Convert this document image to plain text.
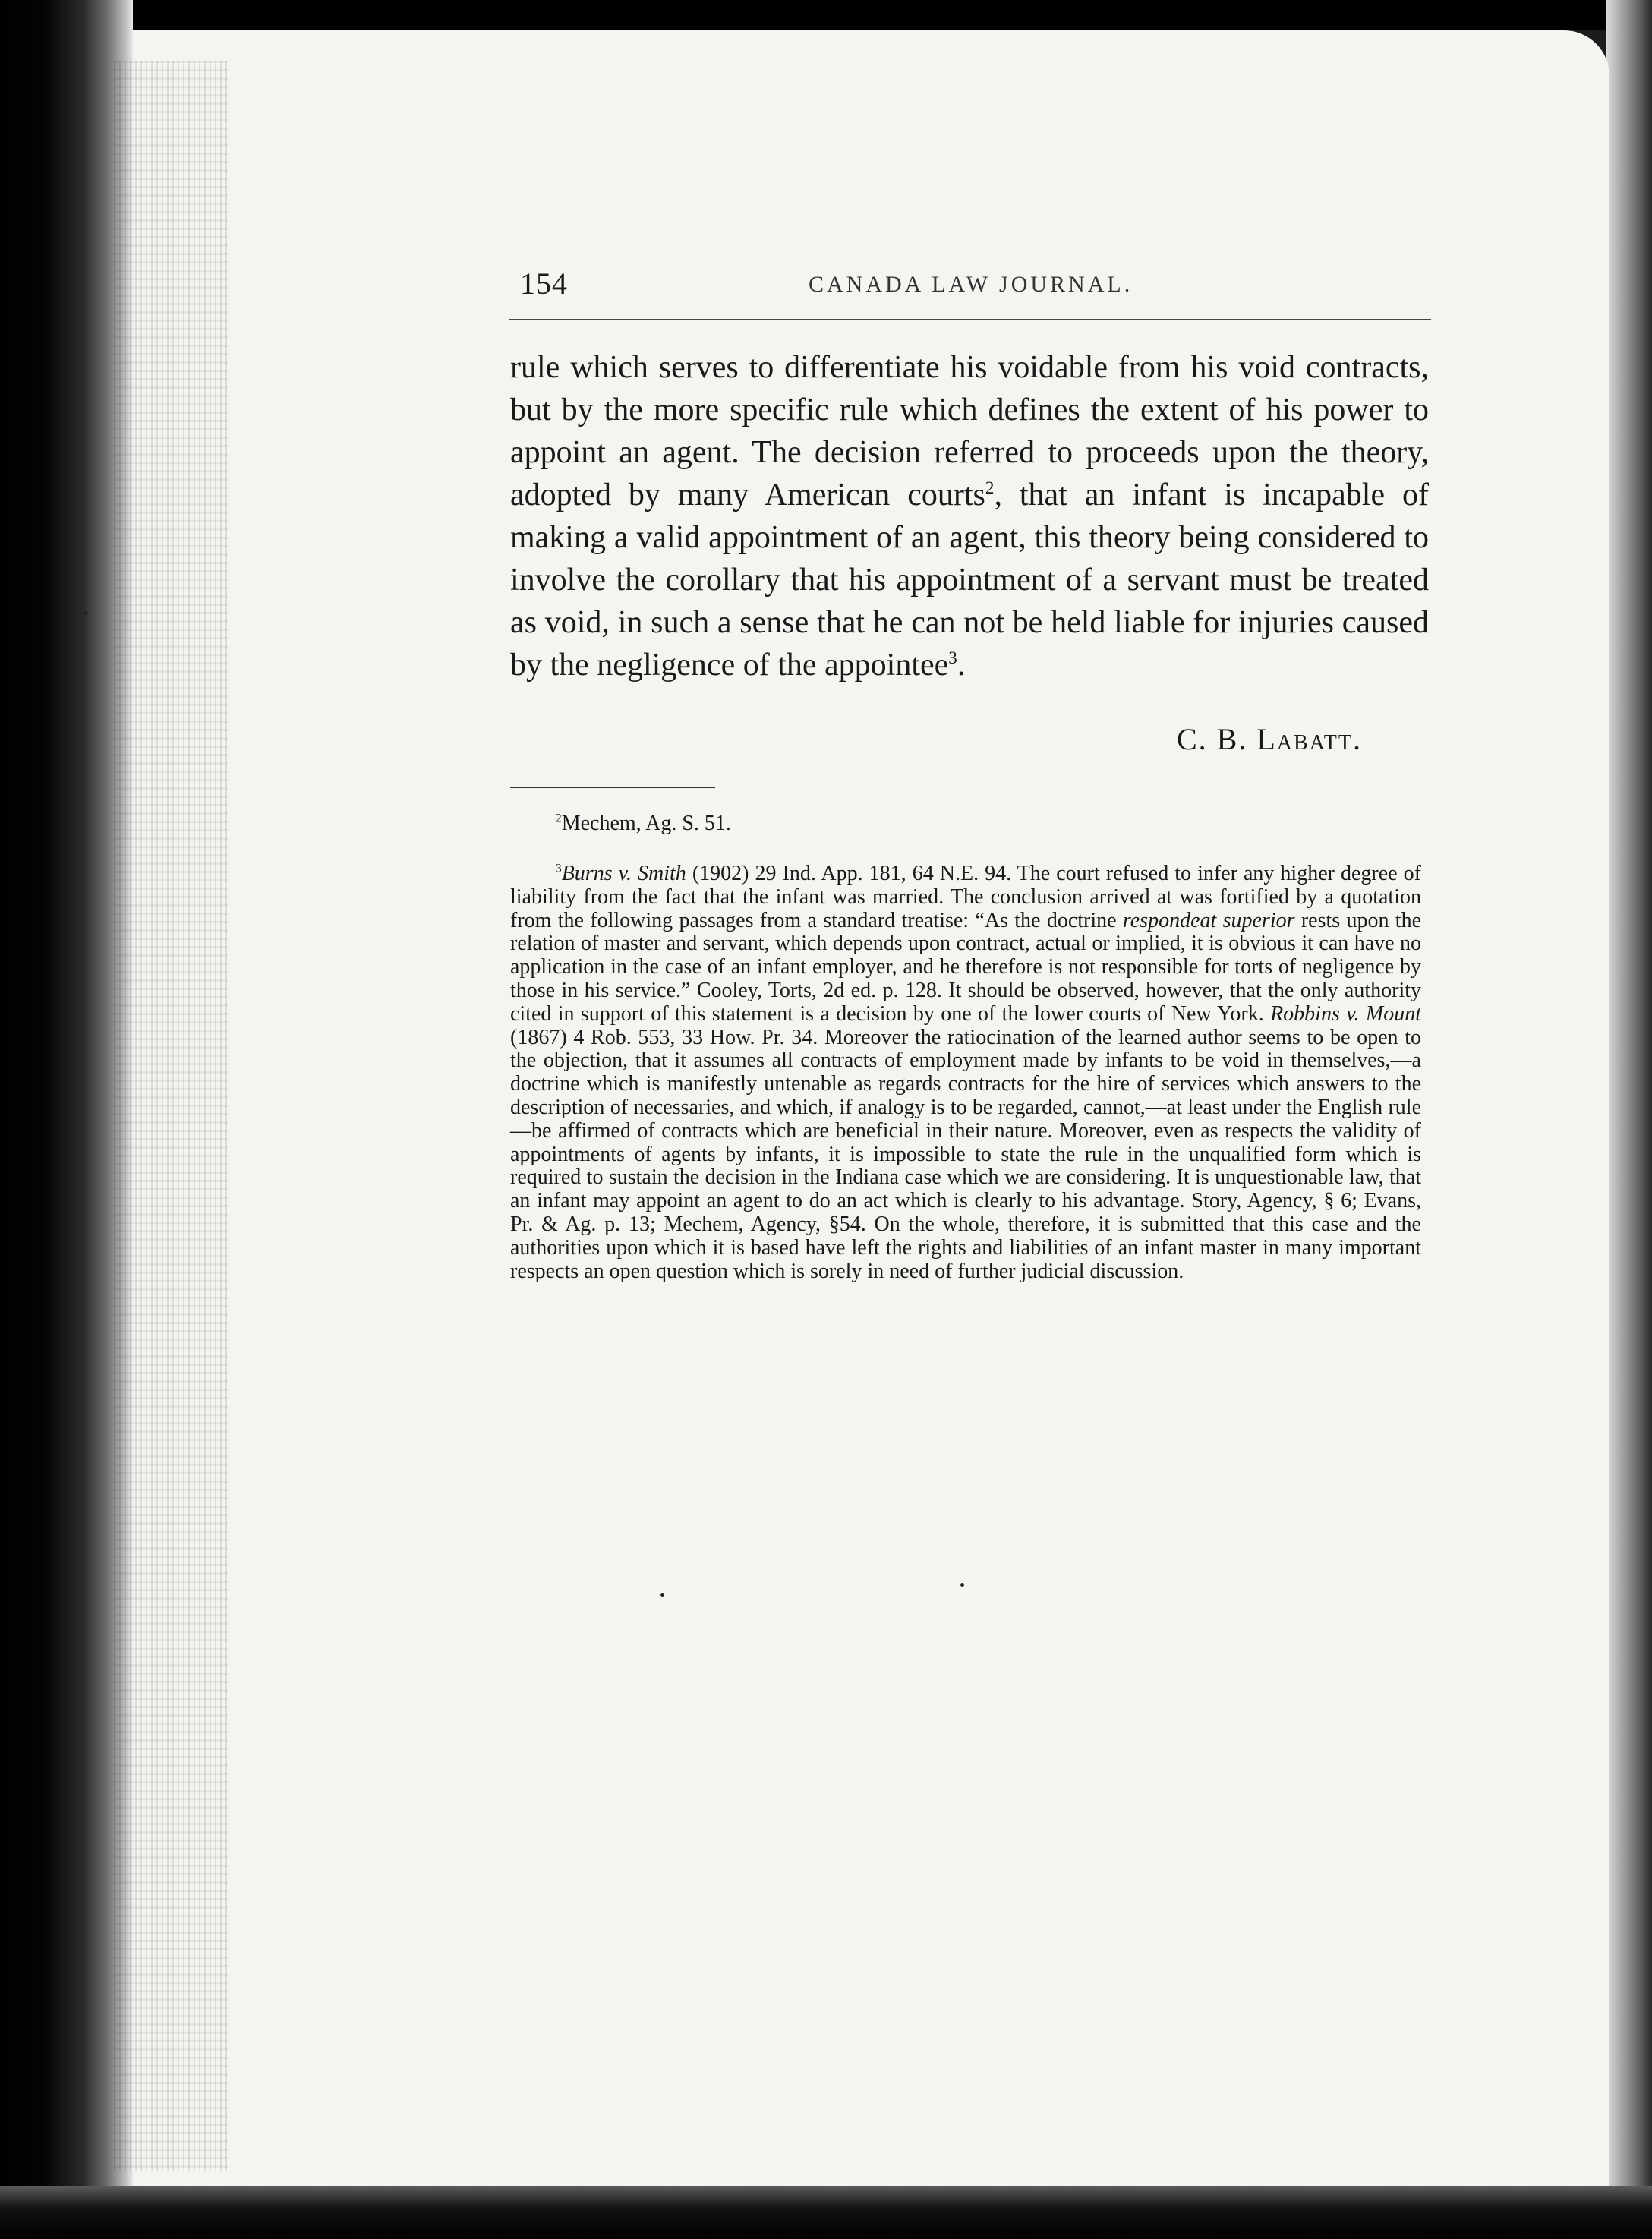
154	CANADA LAW JOURNAL.

rule which serves to differentiate his voidable from his void contracts, but by the more specific rule which defines the extent of his power to appoint an agent. The decision referred to proceeds upon the theory, adopted by many American courts$^2$, that an infant is incapable of making a valid appointment of an agent, this theory being considered to involve the corollary that his appointment of a servant must be treated as void, in such a sense that he can not be held liable for injuries caused by the negligence of the appointee$^3$.

C. B. Labatt.

$^2$Mechem, Ag. S. 51.

$^3$Burns v. Smith (1902) 29 Ind. App. 181, 64 N.E. 94. The court refused to infer any higher degree of liability from the fact that the infant was married. The conclusion arrived at was fortified by a quotation from the following passages from a standard treatise: “As the doctrine respondeat superior rests upon the relation of master and servant, which depends upon contract, actual or implied, it is obvious it can have no application in the case of an infant employer, and he therefore is not responsible for torts of negligence by those in his service.” Cooley, Torts, 2d ed. p. 128. It should be observed, however, that the only authority cited in support of this statement is a decision by one of the lower courts of New York. Robbins v. Mount (1867) 4 Rob. 553, 33 How. Pr. 34. Moreover the ratiocination of the learned author seems to be open to the objection, that it assumes all contracts of employment made by infants to be void in themselves,—a doctrine which is manifestly untenable as regards contracts for the hire of services which answers to the description of necessaries, and which, if analogy is to be regarded, cannot,—at least under the English rule—be affirmed of contracts which are beneficial in their nature. Moreover, even as respects the validity of appointments of agents by infants, it is impossible to state the rule in the unqualified form which is required to sustain the decision in the Indiana case which we are considering. It is unquestionable law, that an infant may appoint an agent to do an act which is clearly to his advantage. Story, Agency, § 6; Evans, Pr. & Ag. p. 13; Mechem, Agency, §54. On the whole, therefore, it is submitted that this case and the authorities upon which it is based have left the rights and liabilities of an infant master in many important respects an open question which is sorely in need of further judicial discussion.
